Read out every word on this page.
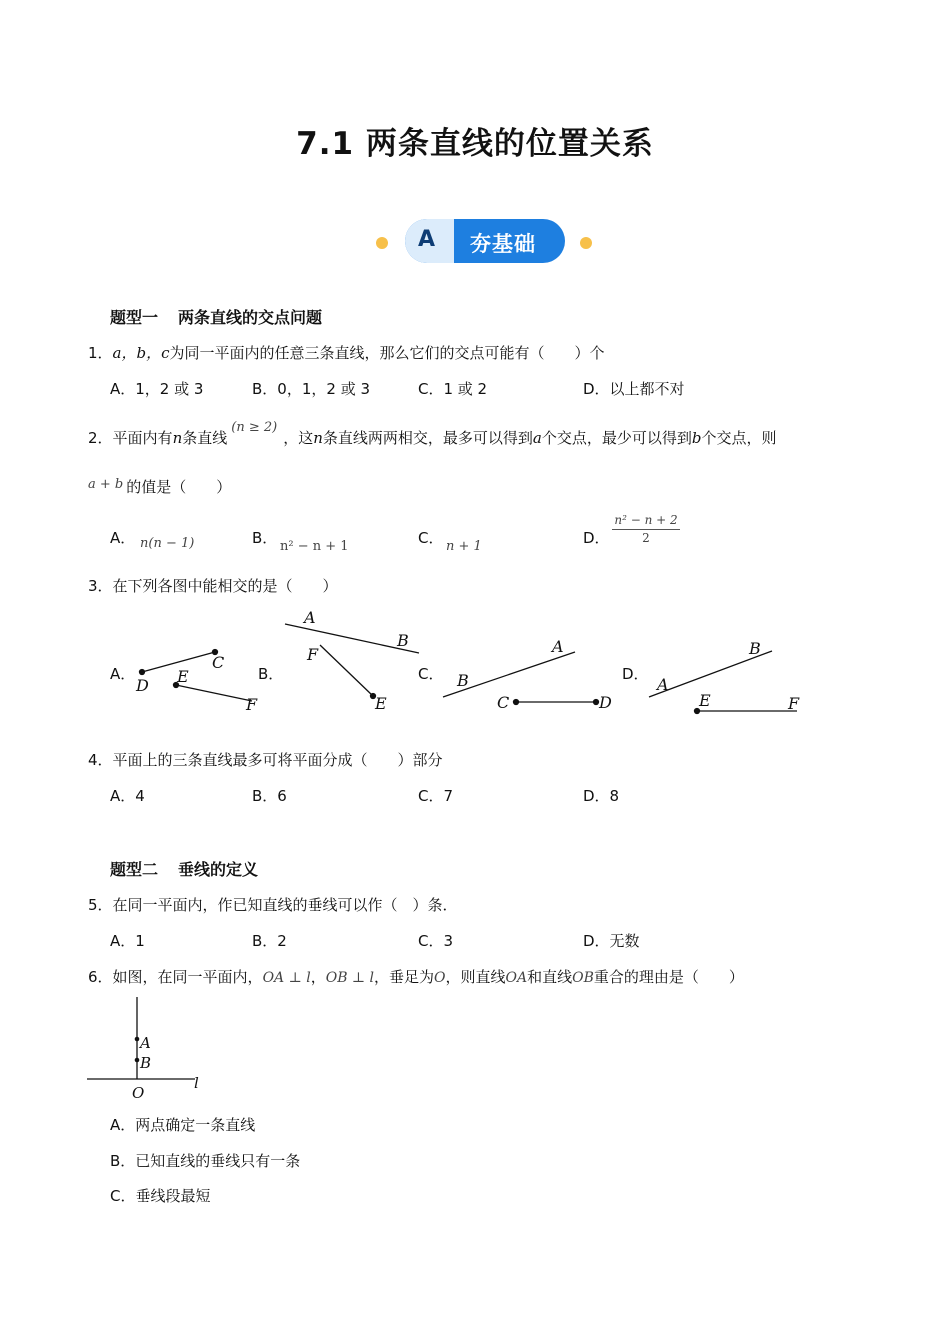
7.1 两条直线的位置关系
A 夯基础
题型一 两条直线的交点问题
1．a，b，c为同一平面内的任意三条直线，那么它们的交点可能有（　　）个
A．1，2 或 3	B．0，1，2 或 3	C．1 或 2	D．以上都不对
2．平面内有n条直线(n ≥ 2)，这n条直线两两相交，最多可以得到a个交点，最少可以得到b个交点，则
a + b 的值是（　　）
A． n(n − 1)	B． n² − n + 1	C． n + 1	D．
n² − n + 2
2
3．在下列各图中能相交的是（　　）
A．	B．	C．	D．
C
D E
F
A
B
F
E
A
B
C	D
B
A
E	F
4．平面上的三条直线最多可将平面分成（　　）部分
A．4	B．6	C．7	D．8
题型二 垂线的定义
5．在同一平面内，作已知直线的垂线可以作（　）条．
A．1	B．2	C．3	D．无数
6．如图，在同一平面内，OA ⊥ l，OB ⊥ l，垂足为O，则直线OA和直线OB重合的理由是（　　）
A
B
O
l
A．两点确定一条直线
B．已知直线的垂线只有一条
C．垂线段最短
